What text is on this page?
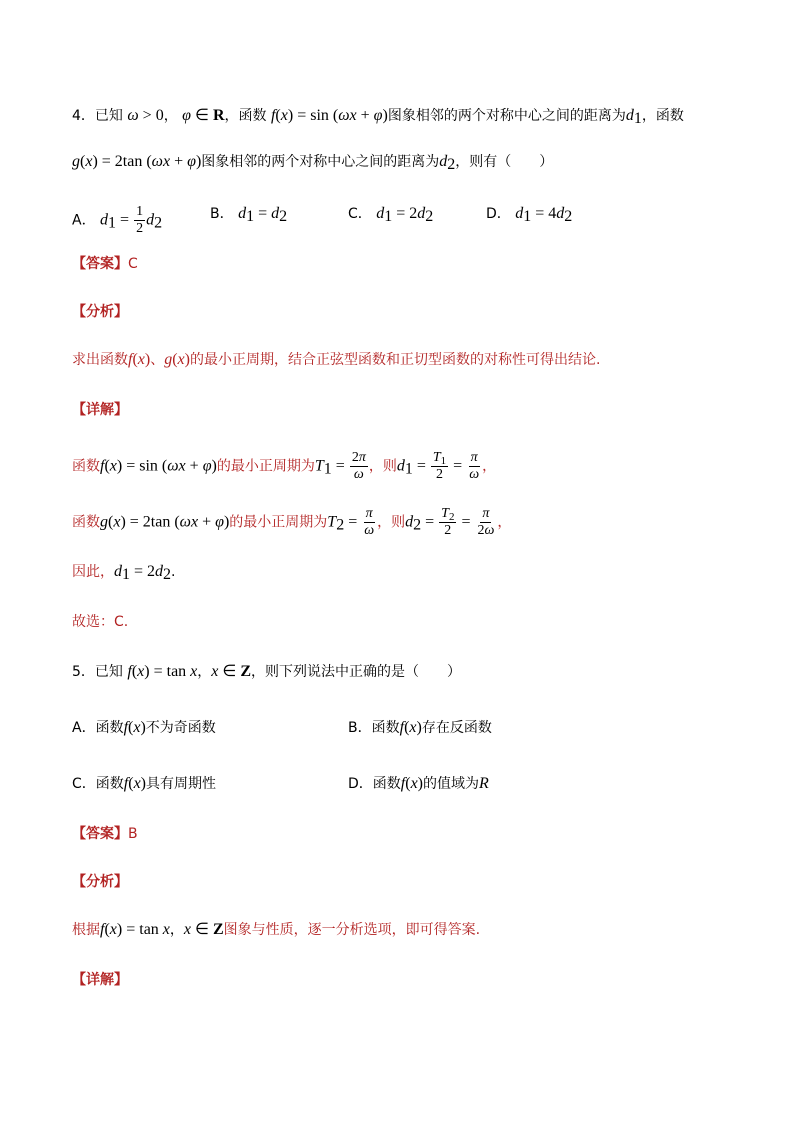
4．已知 ω > 0， φ ∈ R，函数 f(x) = sin (ωx + φ)图象相邻的两个对称中心之间的距离为$d_1$，函数
g(x) = 2tan (ωx + φ)图象相邻的两个对称中心之间的距离为$d_2$，则有（　　）
A． $d_1 = \frac{1}{2} d_2$
B． $d_1 = d_2$	C． $d_1 = 2d_2$	D． $d_1 = 4d_2$
【答案】C
【分析】
求出函数f(x)、g(x)的最小正周期，结合正弦型函数和正切型函数的对称性可得出结论.
【详解】
函数f(x) = sin (ωx + φ)的最小正周期为$T_1 = \frac{2\pi}{\omega}$ ，则$d_1 = \frac{T_1}{2} = \frac{\pi}{\omega}$ ，
函数g(x) = 2tan (ωx + φ)的最小正周期为$T_2 = \frac{\pi}{\omega}$ ，则$d_2 = \frac{T_2}{2} = \frac{\pi}{2\omega}$ ，
因此，$d_1 = 2d_2$.
故选：C.
5．已知 f(x) = tan x，x ∈ Z，则下列说法中正确的是（　　）
A．函数f(x)不为奇函数	B．函数f(x)存在反函数
C．函数f(x)具有周期性	D．函数f(x)的值域为R
【答案】B
【分析】
根据f(x) = tan x，x ∈ Z图象与性质，逐一分析选项，即可得答案.
【详解】
